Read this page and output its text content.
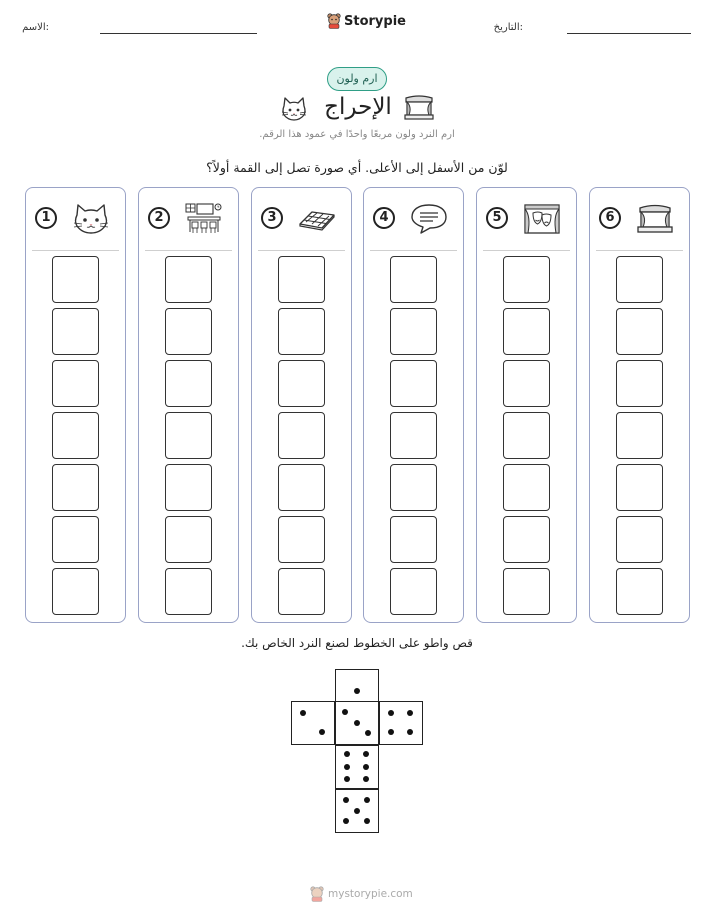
الاسم:	Storypie	التاريخ:
ارم ولون
الإحراج
ارم النرد ولون مربعًا واحدًا في عمود هذا الرقم.
لوّن من الأسفل إلى الأعلى. أي صورة تصل إلى القمة أولاً؟
1	2	3	4	5	6
قص واطو على الخطوط لصنع النرد الخاص بك.
mystorypie.com
